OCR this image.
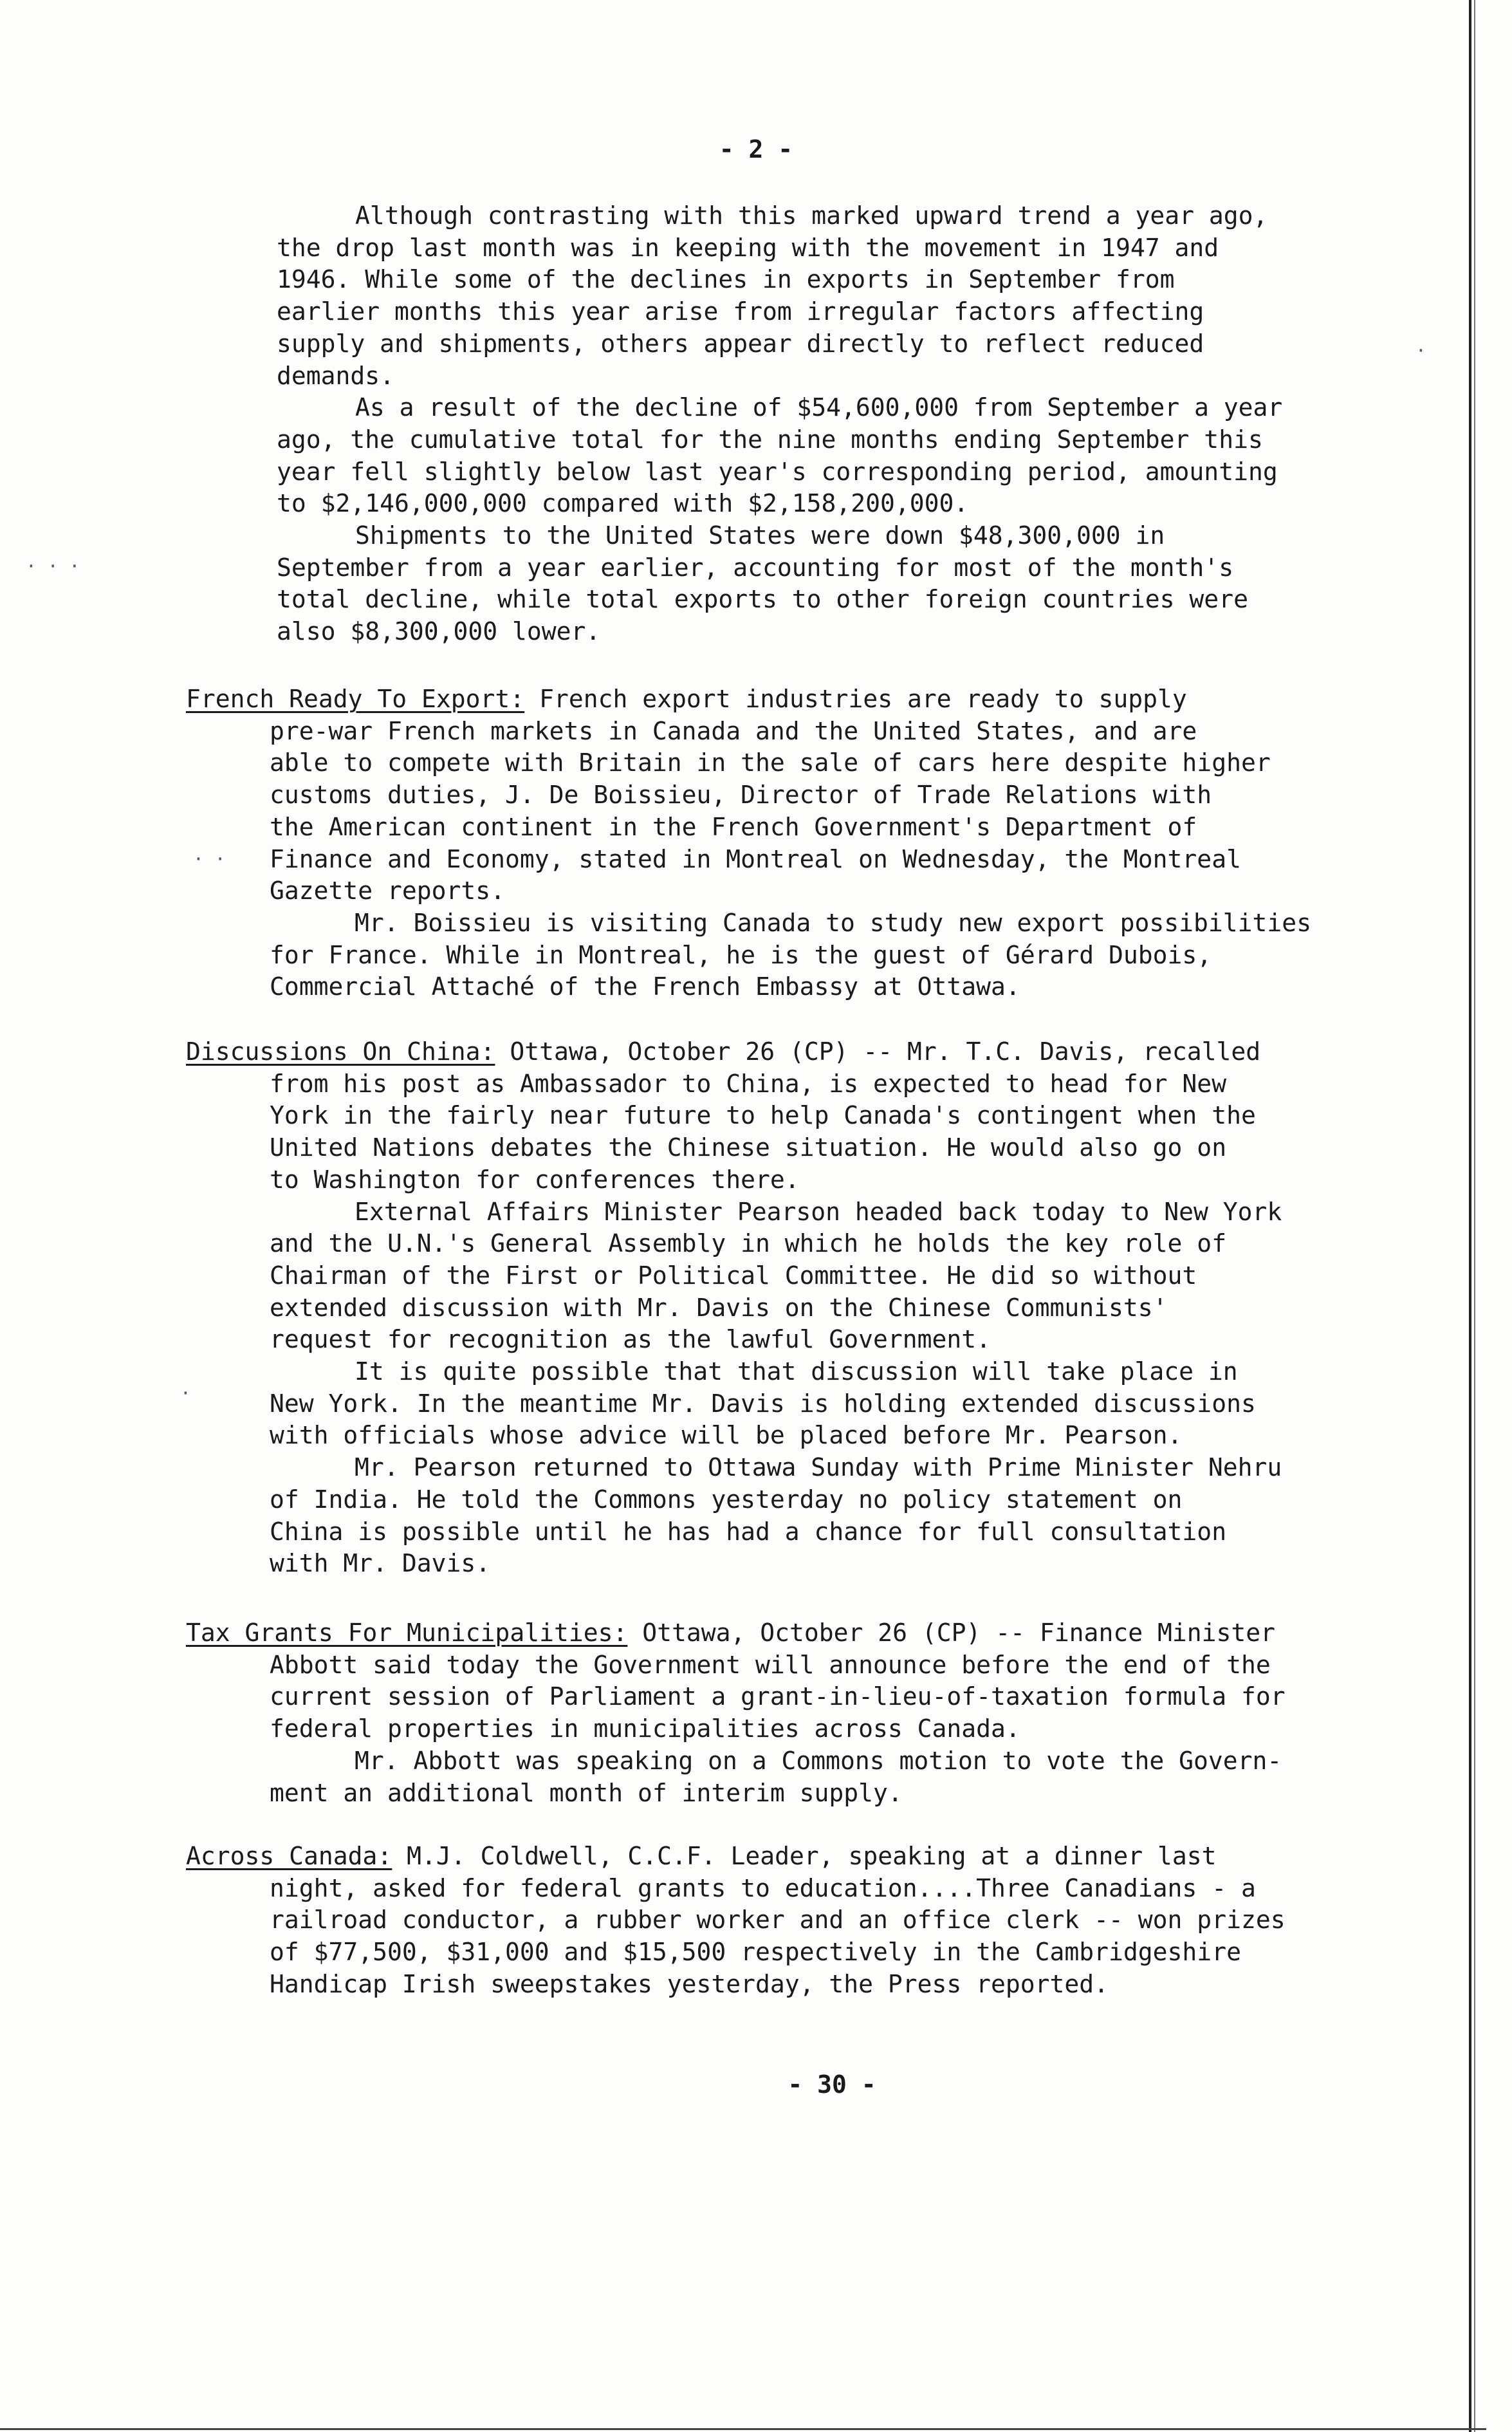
- 2 -

Although contrasting with this marked upward trend a year ago,

the drop last month was in keeping with the movement in 1947 and

1946. While some of the declines in exports in September from

earlier months this year arise from irregular factors affecting

supply and shipments, others appear directly to reflect reduced

demands.

As a result of the decline of $54,600,000 from September a year

ago, the cumulative total for the nine months ending September this

year fell slightly below last year's corresponding period, amounting

to $2,146,000,000 compared with $2,158,200,000.

Shipments to the United States were down $48,300,000 in

September from a year earlier, accounting for most of the month's

total decline, while total exports to other foreign countries were

also $8,300,000 lower.

French Ready To Export: French export industries are ready to supply

pre-war French markets in Canada and the United States, and are

able to compete with Britain in the sale of cars here despite higher

customs duties, J. De Boissieu, Director of Trade Relations with

the American continent in the French Government's Department of

Finance and Economy, stated in Montreal on Wednesday, the Montreal

Gazette reports.

Mr. Boissieu is visiting Canada to study new export possibilities

for France. While in Montreal, he is the guest of Gérard Dubois,

Commercial Attaché of the French Embassy at Ottawa.

Discussions On China: Ottawa, October 26 (CP) -- Mr. T.C. Davis, recalled

from his post as Ambassador to China, is expected to head for New

York in the fairly near future to help Canada's contingent when the

United Nations debates the Chinese situation. He would also go on

to Washington for conferences there.

External Affairs Minister Pearson headed back today to New York

and the U.N.'s General Assembly in which he holds the key role of

Chairman of the First or Political Committee. He did so without

extended discussion with Mr. Davis on the Chinese Communists'

request for recognition as the lawful Government.

It is quite possible that that discussion will take place in

New York. In the meantime Mr. Davis is holding extended discussions

with officials whose advice will be placed before Mr. Pearson.

Mr. Pearson returned to Ottawa Sunday with Prime Minister Nehru

of India. He told the Commons yesterday no policy statement on

China is possible until he has had a chance for full consultation

with Mr. Davis.

Tax Grants For Municipalities: Ottawa, October 26 (CP) -- Finance Minister

Abbott said today the Government will announce before the end of the

current session of Parliament a grant-in-lieu-of-taxation formula for

federal properties in municipalities across Canada.

Mr. Abbott was speaking on a Commons motion to vote the Govern-

ment an additional month of interim supply.

Across Canada: M.J. Coldwell, C.C.F. Leader, speaking at a dinner last

night, asked for federal grants to education....Three Canadians - a

railroad conductor, a rubber worker and an office clerk -- won prizes

of $77,500, $31,000 and $15,500 respectively in the Cambridgeshire

Handicap Irish sweepstakes yesterday, the Press reported.

- 30 -
· · ·
· ·
·
·
